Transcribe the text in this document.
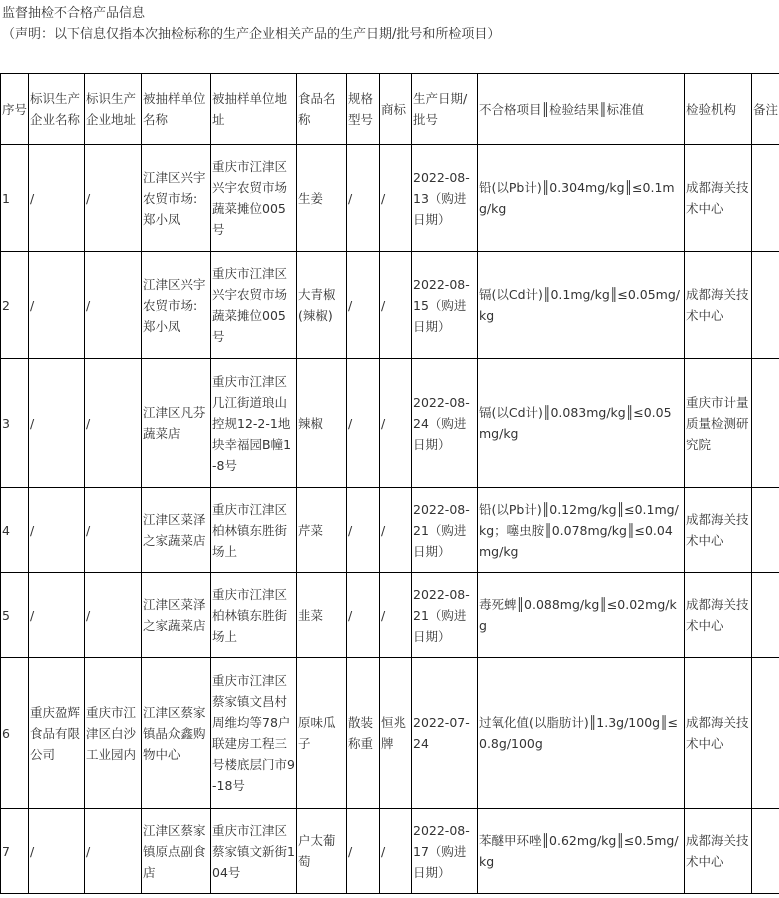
监督抽检不合格产品信息
（声明：以下信息仅指本次抽检标称的生产企业相关产品的生产日期/批号和所检项目）
序号	标识生产企业名称	标识生产企业地址	被抽样单位名称	被抽样单位地址	食品名称	规格型号	商标	生产日期/批号	不合格项目║检验结果║标准值	检验机构	备注
1	/	/	江津区兴宇农贸市场:郑小凤	重庆市江津区兴宇农贸市场蔬菜摊位005号	生姜	/	/	2022-08-13（购进日期）	铅(以Pb计)║0.304mg/kg║≤0.1mg/kg	成都海关技术中心	
2	/	/	江津区兴宇农贸市场:郑小凤	重庆市江津区兴宇农贸市场蔬菜摊位005号	大青椒(辣椒)	/	/	2022-08-15（购进日期）	镉(以Cd计)║0.1mg/kg║≤0.05mg/kg	成都海关技术中心	
3	/	/	江津区凡芬蔬菜店	重庆市江津区几江街道琅山控规12-2-1地块幸福园B幢1-8号	辣椒	/	/	2022-08-24（购进日期）	镉(以Cd计)║0.083mg/kg║≤0.05mg/kg	重庆市计量质量检测研究院	
4	/	/	江津区菜泽之家蔬菜店	重庆市江津区柏林镇东胜街场上	芹菜	/	/	2022-08-21（购进日期）	铅(以Pb计)║0.12mg/kg║≤0.1mg/kg；噻虫胺║0.078mg/kg║≤0.04mg/kg	成都海关技术中心	
5	/	/	江津区菜泽之家蔬菜店	重庆市江津区柏林镇东胜街场上	韭菜	/	/	2022-08-21（购进日期）	毒死蜱║0.088mg/kg║≤0.02mg/kg	成都海关技术中心	
6	重庆盈辉食品有限公司	重庆市江津区白沙工业园内	江津区蔡家镇晶众鑫购物中心	重庆市江津区蔡家镇文昌村周维均等78户联建房工程三号楼底层门市9-18号	原味瓜子	散装称重	恒兆牌	2022-07-24	过氧化值(以脂肪计)║1.3g/100g║≤0.8g/100g	成都海关技术中心	
7	/	/	江津区蔡家镇原点副食店	重庆市江津区蔡家镇文新街104号	户太葡萄	/	/	2022-08-17（购进日期）	苯醚甲环唑║0.62mg/kg║≤0.5mg/kg	成都海关技术中心	
